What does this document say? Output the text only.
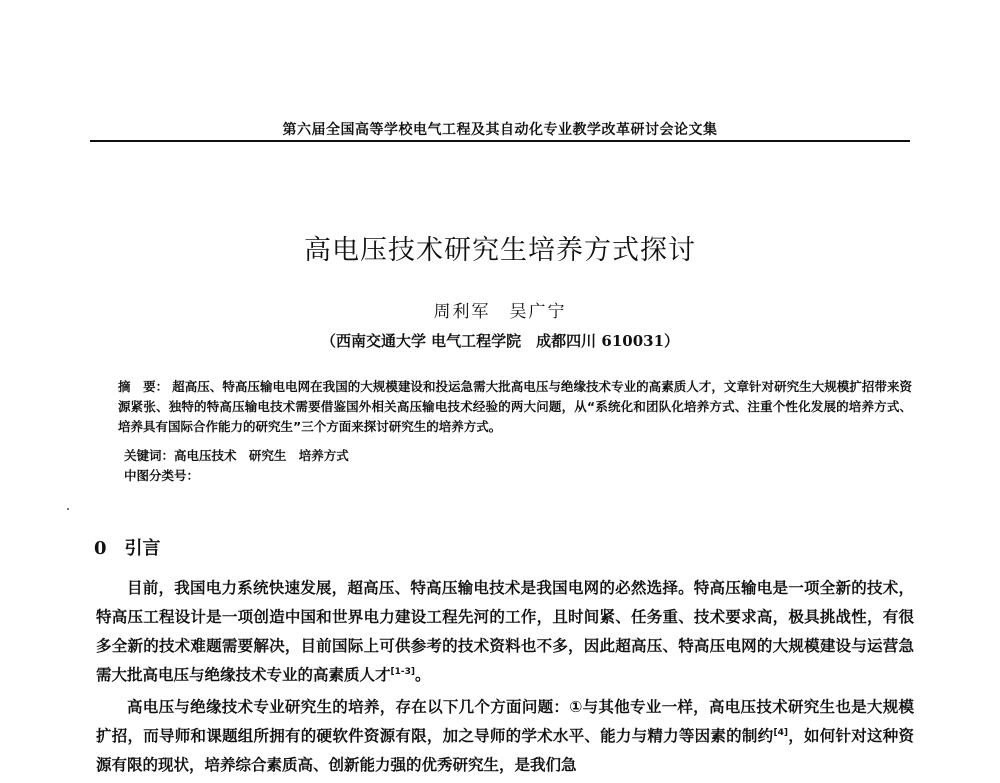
第六届全国高等学校电气工程及其自动化专业教学改革研讨会论文集
高电压技术研究生培养方式探讨
周利军　吴广宁
（西南交通大学 电气工程学院　成都四川 610031）
摘　要： 超高压、特高压输电电网在我国的大规模建设和投运急需大批高电压与绝缘技术专业的高素质人才，文章针对研究生大规模扩招带来资源紧张、独特的特高压输电技术需要借鉴国外相关高压输电技术经验的两大问题，从“系统化和团队化培养方式、注重个性化发展的培养方式、培养具有国际合作能力的研究生”三个方面来探讨研究生的培养方式。
关键词：高电压技术 研究生 培养方式
中图分类号：
0 引言

目前，我国电力系统快速发展，超高压、特高压输电技术是我国电网的必然选择。特高压输电是一项全新的技术，特高压工程设计是一项创造中国和世界电力建设工程先河的工作，且时间紧、任务重、技术要求高，极具挑战性，有很多全新的技术难题需要解决，目前国际上可供参考的技术资料也不多，因此超高压、特高压电网的大规模建设与运营急需大批高电压与绝缘技术专业的高素质人才[1-3]。

高电压与绝缘技术专业研究生的培养，存在以下几个方面问题：①与其他专业一样，高电压技术研究生也是大规模扩招，而导师和课题组所拥有的硬软件资源有限，加之导师的学术水平、能力与精力等因素的制约[4]，如何针对这种资源有限的现状，培养综合素质高、创新能力强的优秀研究生，是我们急
